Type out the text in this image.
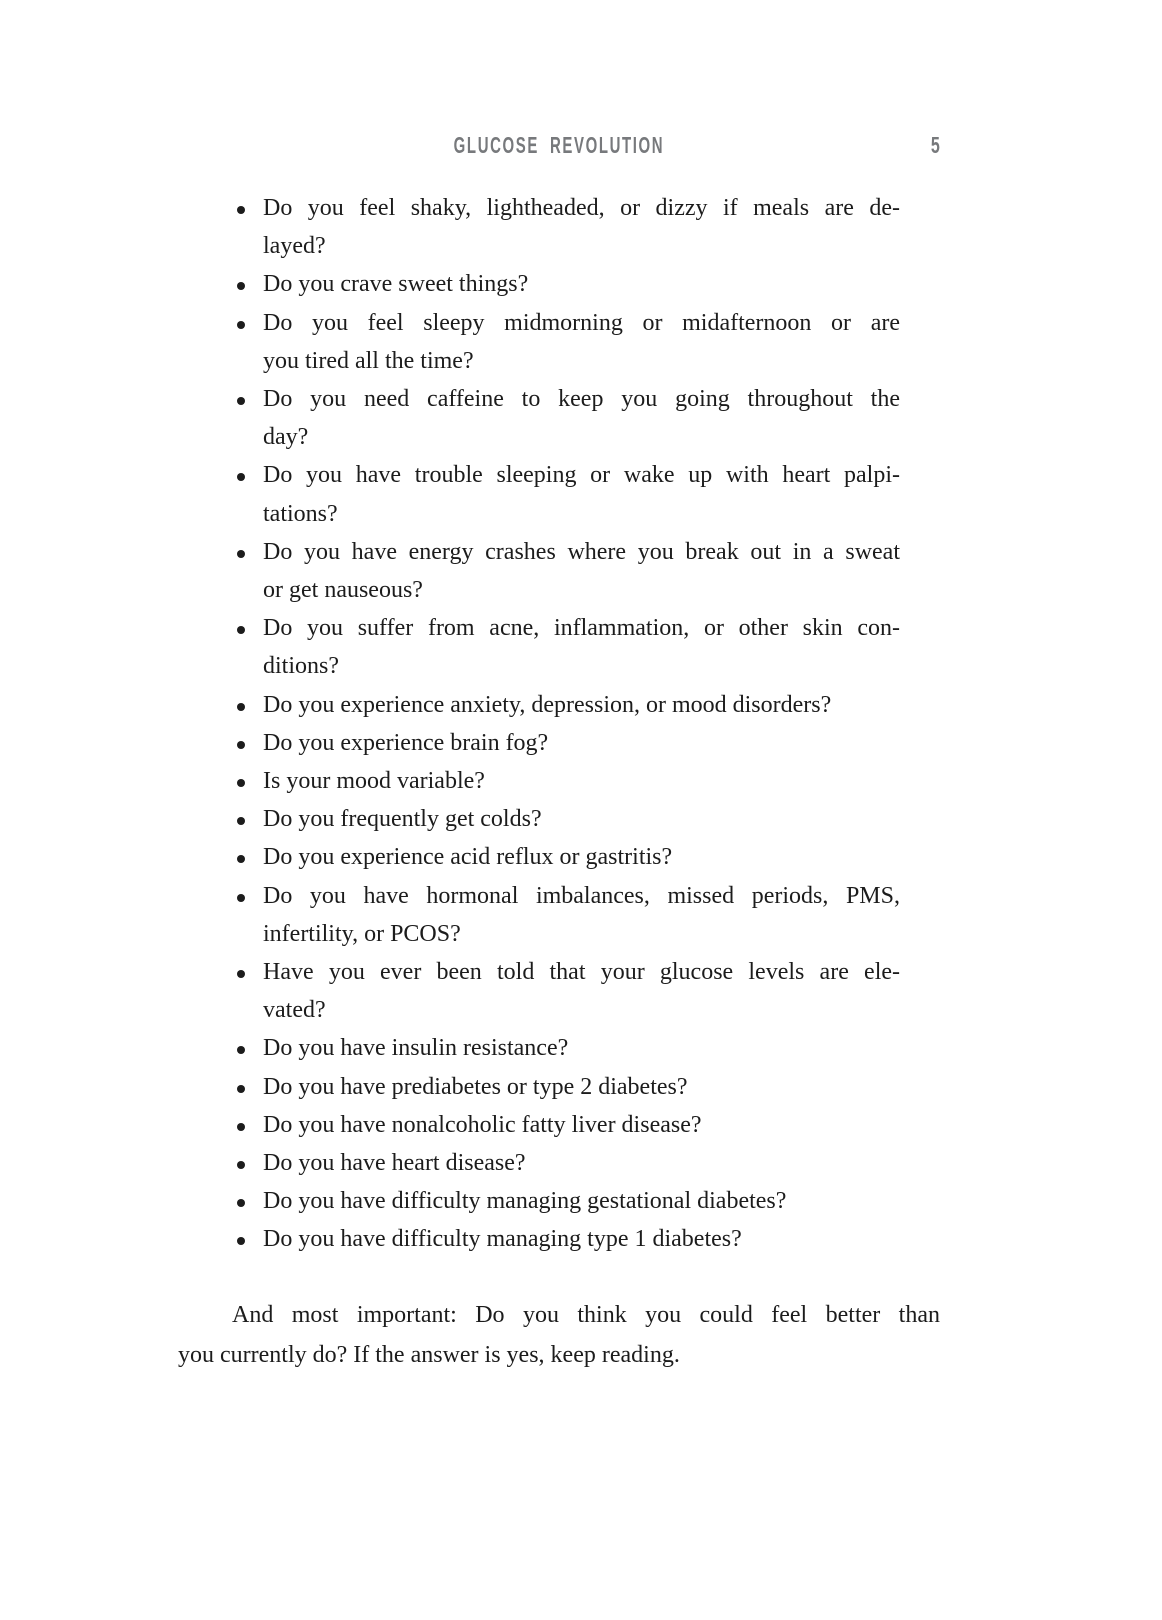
GLUCOSE REVOLUTION	5
Do you feel shaky, lightheaded, or dizzy if meals are de-
layed?
Do you crave sweet things?
Do you feel sleepy midmorning or midafternoon or are
you tired all the time?
Do you need caffeine to keep you going throughout the
day?
Do you have trouble sleeping or wake up with heart palpi-
tations?
Do you have energy crashes where you break out in a sweat
or get nauseous?
Do you suffer from acne, inflammation, or other skin con-
ditions?
Do you experience anxiety, depression, or mood disorders?
Do you experience brain fog?
Is your mood variable?
Do you frequently get colds?
Do you experience acid reflux or gastritis?
Do you have hormonal imbalances, missed periods, PMS,
infertility, or PCOS?
Have you ever been told that your glucose levels are ele-
vated?
Do you have insulin resistance?
Do you have prediabetes or type 2 diabetes?
Do you have nonalcoholic fatty liver disease?
Do you have heart disease?
Do you have difficulty managing gestational diabetes?
Do you have difficulty managing type 1 diabetes?
And most important: Do you think you could feel better than
you currently do? If the answer is yes, keep reading.
